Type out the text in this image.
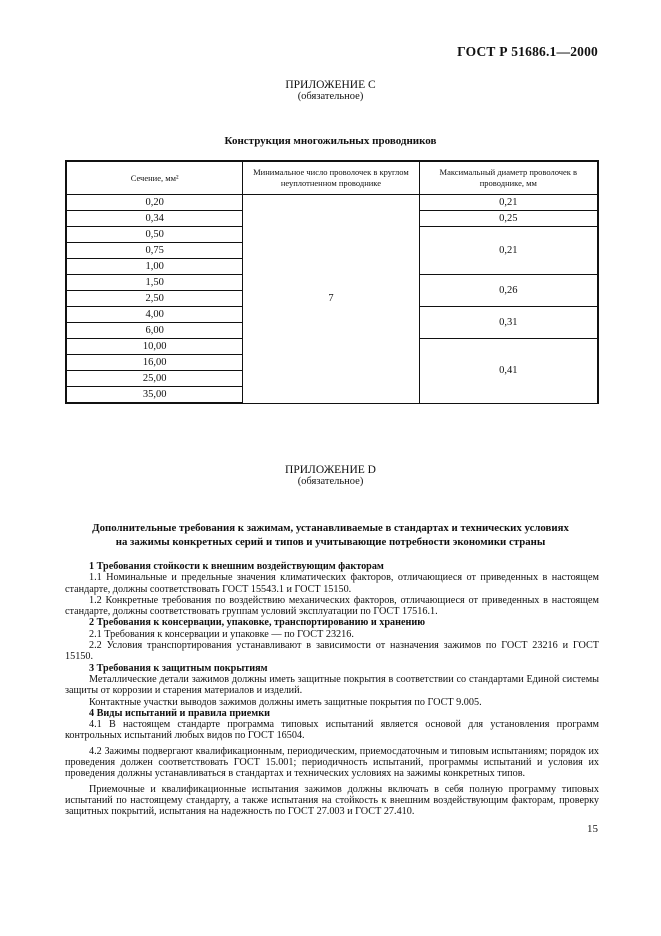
ГОСТ Р 51686.1—2000
ПРИЛОЖЕНИЕ С
(обязательное)
Конструкция многожильных проводников
Сечение, мм²	Минимальное число проволочек в круглом неуплотненном проводнике	Максимальный диаметр проволочек в проводнике, мм
0,20	7	0,21
0,34		0,25
0,50		0,21
0,75		
1,00		
1,50		0,26
2,50		
4,00		0,31
6,00		
10,00		0,41
16,00		
25,00		
35,00		
ПРИЛОЖЕНИЕ D
(обязательное)
Дополнительные требования к зажимам, устанавливаемые в стандартах и технических условиях
на зажимы конкретных серий и типов и учитывающие потребности экономики страны

1 Требования стойкости к внешним воздействующим факторам

1.1 Номинальные и предельные значения климатических факторов, отличающиеся от приведенных в настоящем стандарте, должны соответствовать ГОСТ 15543.1 и ГОСТ 15150.

1.2 Конкретные требования по воздействию механических факторов, отличающиеся от приведенных в настоящем стандарте, должны соответствовать группам условий эксплуатации по ГОСТ 17516.1.

2 Требования к консервации, упаковке, транспортированию и хранению

2.1 Требования к консервации и упаковке — по ГОСТ 23216.

2.2 Условия транспортирования устанавливают в зависимости от назначения зажимов по ГОСТ 23216 и ГОСТ 15150.

3 Требования к защитным покрытиям

Металлические детали зажимов должны иметь защитные покрытия в соответствии со стандартами Единой системы защиты от коррозии и старения материалов и изделий.

Контактные участки выводов зажимов должны иметь защитные покрытия по ГОСТ 9.005.

4 Виды испытаний и правила приемки

4.1 В настоящем стандарте программа типовых испытаний является основой для установления программ контрольных испытаний любых видов по ГОСТ 16504.

4.2 Зажимы подвергают квалификационным, периодическим, приемосдаточным и типовым испытаниям; порядок их проведения должен соответствовать ГОСТ 15.001; периодичность испытаний, программы испытаний и условия их проведения должны устанавливаться в стандартах и технических условиях на зажимы конкретных типов.

Приемочные и квалификационные испытания зажимов должны включать в себя полную программу типовых испытаний по настоящему стандарту, а также испытания на стойкость к внешним воздействующим факторам, проверку защитных покрытий, испытания на надежность по ГОСТ 27.003 и ГОСТ 27.410.

15
